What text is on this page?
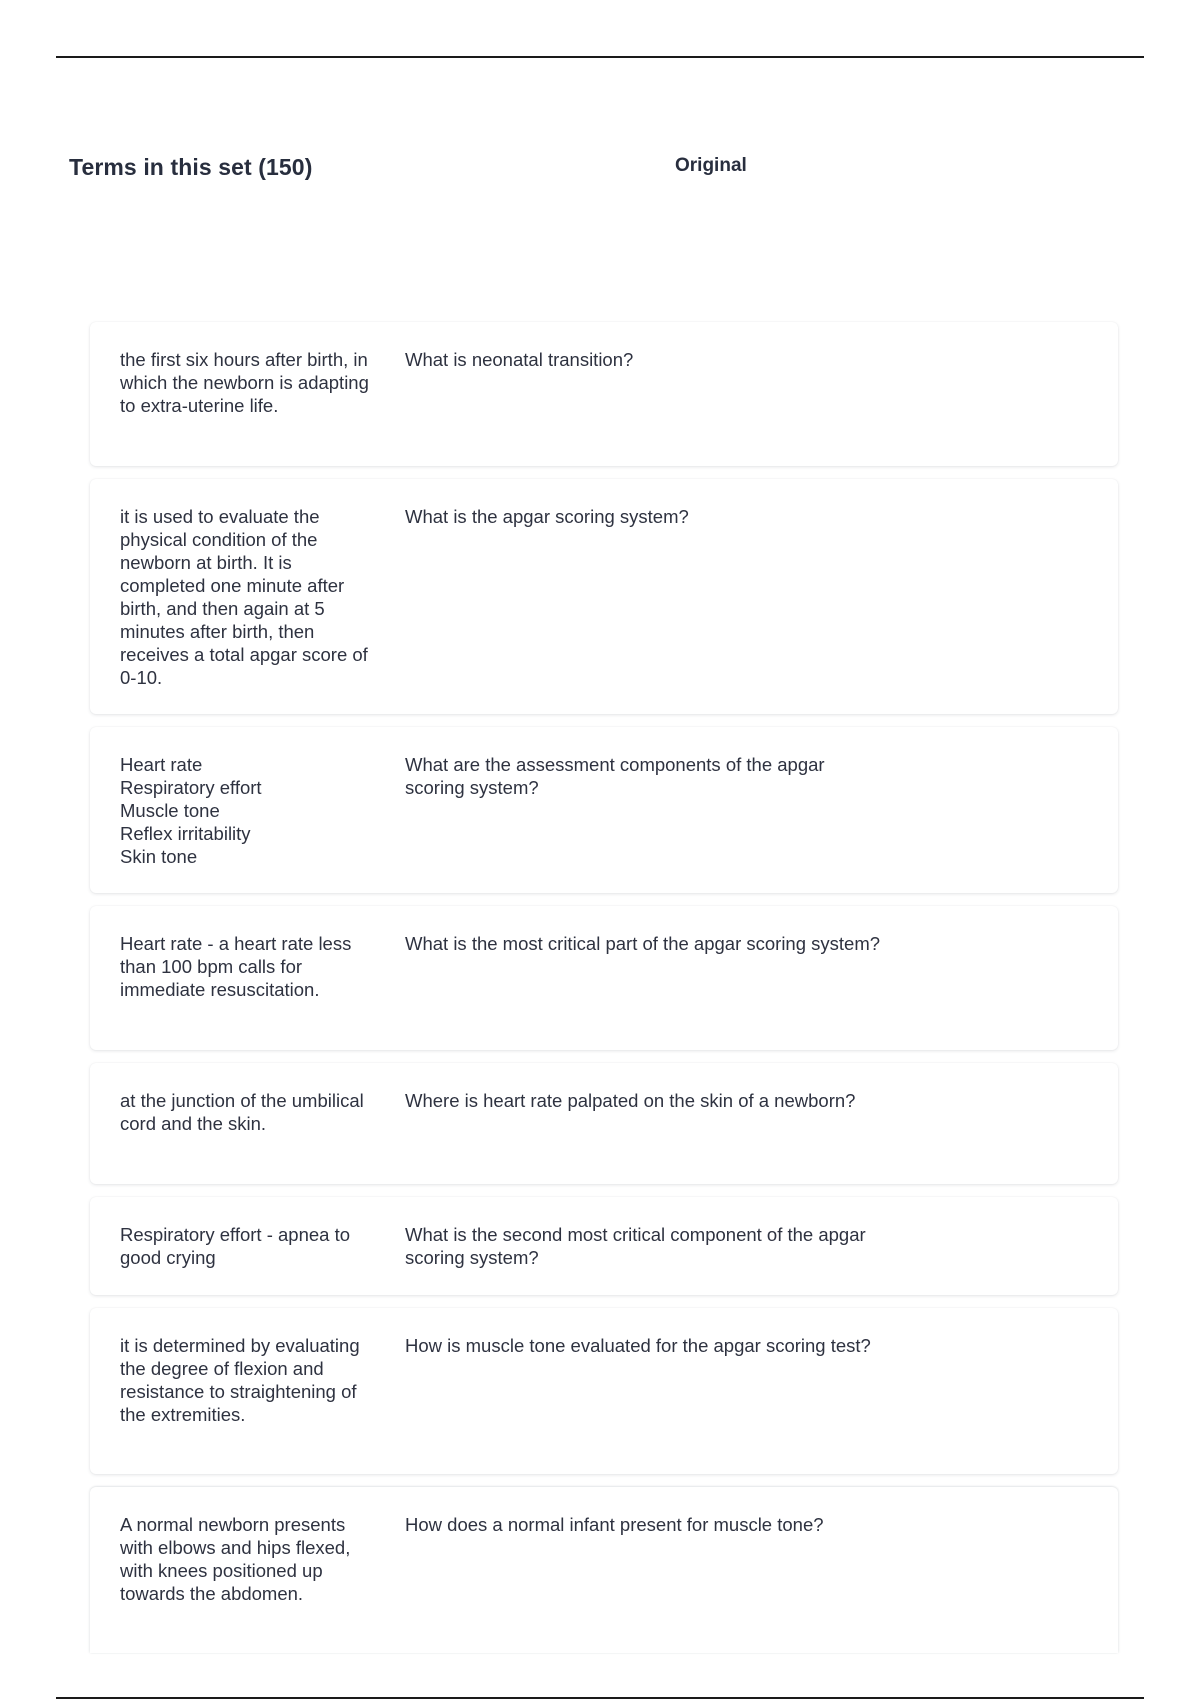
Terms in this set (150)	Original
the first six hours after birth, in which the newborn is adapting to extra-uterine life.
What is neonatal transition?
it is used to evaluate the physical condition of the newborn at birth. It is completed one minute after birth, and then again at 5 minutes after birth, then receives a total apgar score of 0-10.
What is the apgar scoring system?
Heart rate
Respiratory effort
Muscle tone
Reflex irritability
Skin tone
What are the assessment components of the apgar scoring system?
Heart rate - a heart rate less than 100 bpm calls for immediate resuscitation.
What is the most critical part of the apgar scoring system?
at the junction of the umbilical cord and the skin.
Where is heart rate palpated on the skin of a newborn?
Respiratory effort - apnea to good crying
What is the second most critical component of the apgar scoring system?
it is determined by evaluating the degree of flexion and resistance to straightening of the extremities.
How is muscle tone evaluated for the apgar scoring test?
A normal newborn presents with elbows and hips flexed, with knees positioned up towards the abdomen.
How does a normal infant present for muscle tone?
